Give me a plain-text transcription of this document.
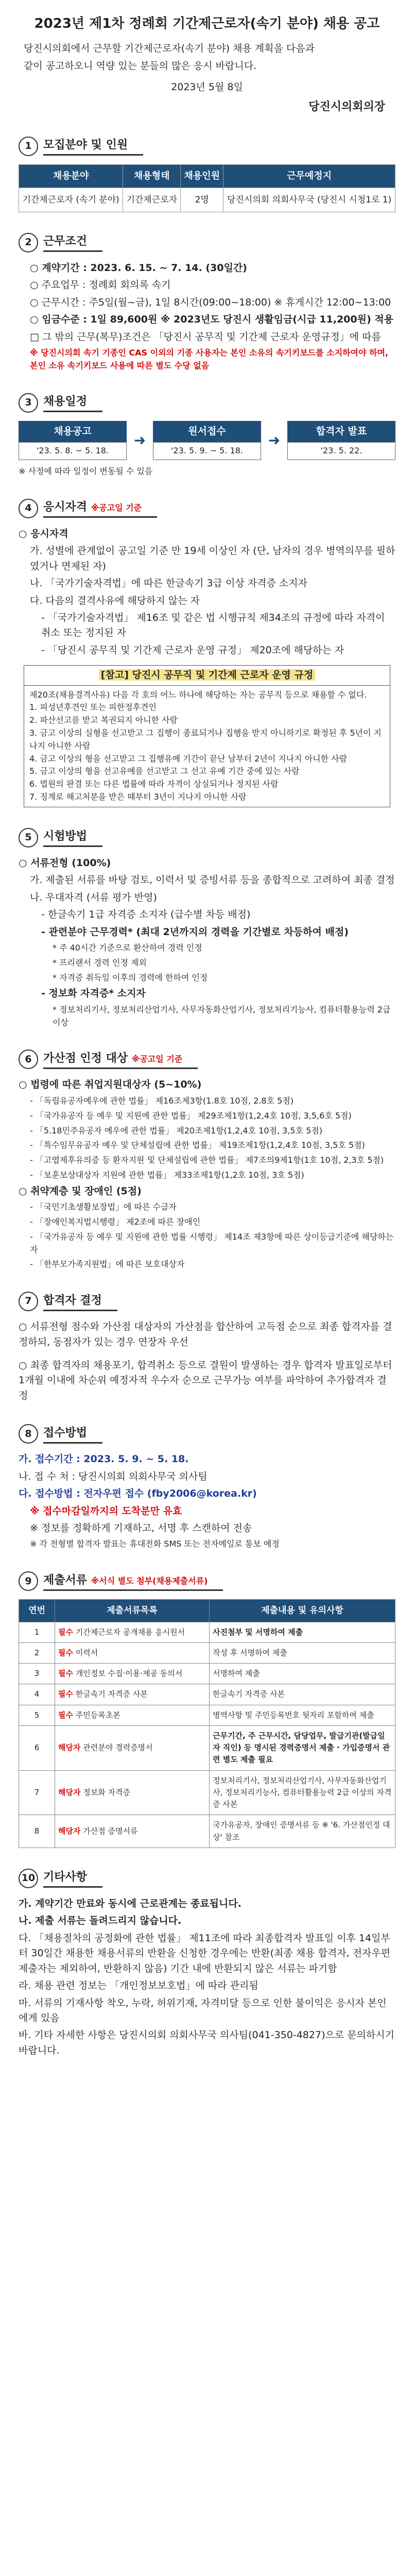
2023년 제1차 정례회 기간제근로자(속기 분야) 채용 공고

당진시의회에서 근무할 기간제근로자(속기 분야) 채용 계획을 다음과

같이 공고하오니 역량 있는 분들의 많은 응시 바랍니다.

2023년 5월 8일
당진시의회의장
1	모집분야 및 인원
채용분야	채용형태	채용인원	근무예정지
기간제근로자 (속기 분야)	기간제근로자	2명	당진시의회 의회사무국 (당진시 시청1로 1)
2	근무조건
○ 계약기간 : 2023. 6. 15. ~ 7. 14. (30일간)
○ 주요업무 : 정례회 회의록 속기
○ 근무시간 : 주5일(월~금), 1일 8시간(09:00~18:00) ※ 휴게시간 12:00~13:00
○ 임금수준 : 1일 89,600원 ※ 2023년도 당진시 생활임금(시급 11,200원) 적용
□ 그 밖의 근무(복무)조건은 「당진시 공무직 및 기간제 근로자 운영규정」에 따름
※ 당진시의회 속기 기종인 CAS 이외의 기종 사용자는 본인 소유의 속기키보드를 소지하여야 하며, 본인 소유 속기키보드 사용에 따른 별도 수당 없음
3	채용일정
채용공고
'23. 5. 8. ~ 5. 18.
➜
원서접수
'23. 5. 9. ~ 5. 18.
➜
합격자 발표
'23. 5. 22.
※ 사정에 따라 일정이 변동될 수 있음
4	응시자격 ※공고일 기준
○ 응시자격
가. 성별에 관계없이 공고일 기준 만 19세 이상인 자 (단, 남자의 경우 병역의무를 필하였거나 면제된 자)
나. 「국가기술자격법」에 따른 한글속기 3급 이상 자격증 소지자
다. 다음의 결격사유에 해당하지 않는 자
- 「국가기술자격법」 제16조 및 같은 법 시행규칙 제34조의 규정에 따라 자격이 취소 또는 정지된 자
- 「당진시 공무직 및 기간제 근로자 운영 규정」 제20조에 해당하는 자
[참고] 당진시 공무직 및 기간제 근로자 운영 규정
제20조(채용결격사유) 다음 각 호의 어느 하나에 해당하는 자는 공무직 등으로 채용할 수 없다.
1. 피성년후견인 또는 피한정후견인
2. 파산선고를 받고 복권되지 아니한 사람
3. 금고 이상의 실형을 선고받고 그 집행이 종료되거나 집행을 받지 아니하기로 확정된 후 5년이 지나지 아니한 사람
4. 금고 이상의 형을 선고받고 그 집행유예 기간이 끝난 날부터 2년이 지나지 아니한 사람
5. 금고 이상의 형을 선고유예를 선고받고 그 선고 유예 기간 중에 있는 사람
6. 법원의 판결 또는 다른 법률에 따라 자격이 상실되거나 정지된 사람
7. 징계로 해고처분을 받은 때부터 3년이 지나지 아니한 사람
5	시험방법
○ 서류전형 (100%)
가. 제출된 서류를 바탕 검토, 이력서 및 증빙서류 등을 종합적으로 고려하여 최종 결정
나. 우대자격 (서류 평가 반영)
- 한글속기 1급 자격증 소지자 (급수별 차등 배점)
- 관련분야 근무경력* (최대 2년까지의 경력을 기간별로 차등하여 배점)
* 주 40시간 기준으로 환산하여 경력 인정
* 프리랜서 경력 인정 제외
* 자격증 취득일 이후의 경력에 한하여 인정
- 정보화 자격증* 소지자
* 정보처리기사, 정보처리산업기사, 사무자동화산업기사, 정보처리기능사, 컴퓨터활용능력 2급 이상
6	가산점 인정 대상 ※공고일 기준
○ 법령에 따른 취업지원대상자 (5~10%)
- 「독립유공자예우에 관한 법률」 제16조제3항(1.8호 10점, 2.8호 5점)
- 「국가유공자 등 예우 및 지원에 관한 법률」 제29조제1항(1,2,4호 10점, 3,5,6호 5점)
- 「5.18민주유공자 예우에 관한 법률」 제20조제1항(1,2,4호 10점, 3,5호 5점)
- 「특수임무유공자 예우 및 단체설립에 관한 법률」 제19조제1항(1,2,4호 10점, 3,5호 5점)
- 「고엽제후유의증 등 환자지원 및 단체설립에 관한 법률」 제7조의9제1항(1호 10점, 2,3호 5점)
- 「보훈보상대상자 지원에 관한 법률」 제33조제1항(1,2호 10점, 3호 5점)
○ 취약계층 및 장애인 (5점)
- 「국민기초생활보장법」에 따른 수급자
- 「장애인복지법시행령」 제2조에 따른 장애인
- 「국가유공자 등 예우 및 지원에 관한 법률 시행령」 제14조 제3항에 따른 상이등급기준에 해당하는 자
- 「한부모가족지원법」에 따른 보호대상자
7	합격자 결정
○ 서류전형 점수와 가산점 대상자의 가산점을 합산하여 고득점 순으로 최종 합격자를 결정하되, 동점자가 있는 경우 연장자 우선
○ 최종 합격자의 채용포기, 합격취소 등으로 결원이 발생하는 경우 합격자 발표일로부터 1개월 이내에 차순위 예정자적 우수자 순으로 근무가능 여부를 파악하여 추가합격자 결정
8	접수방법
가. 접수기간 : 2023. 5. 9. ~ 5. 18.
나. 접 수 처 : 당진시의회 의회사무국 의사팀
다. 접수방법 : 전자우편 접수 (fby2006@korea.kr)
※ 접수마감일까지의 도착분만 유효
※ 정보를 정확하게 기재하고, 서명 후 스캔하여 전송
※ 각 전형별 합격자 발표는 휴대전화 SMS 또는 전자메일로 통보 예정
9	제출서류 ※서식 별도 첨부(채용제출서류)
연번	제출서류목록	제출내용 및 유의사항
1	필수 기간제근로자 공개채용 응시원서	사진첨부 및 서명하여 제출
2	필수 이력서	작성 후 서명하여 제출
3	필수 개인정보 수집·이용·제공 동의서	서명하여 제출
4	필수 한글속기 자격증 사본	한글속기 자격증 사본
5	필수 주민등록초본	병역사항 및 주민등록번호 뒷자리 포함하여 제출
6	해당자 관련분야 경력증명서	근무기간, 주 근무시간, 담당업무, 발급기관(발급일자 직인) 등 명시된 경력증명서 제출 · 가입증명서 관련 별도 제출 필요
7	해당자 정보화 자격증	정보처리기사, 정보처리산업기사, 사무자동화산업기사, 정보처리기능사, 컴퓨터활용능력 2급 이상의 자격증 사본
8	해당자 가산점 증명서류	국가유공자, 장애인 증명서류 등 ※ '6. 가산점인정 대상' 참조
10 기타사항
가. 계약기간 만료와 동시에 근로관계는 종료됩니다.
나. 제출 서류는 돌려드리지 않습니다.
다. 「채용절차의 공정화에 관한 법률」 제11조에 따라 최종합격자 발표일 이후 14일부터 30일간 채용한 채용서류의 반환을 신청한 경우에는 반환(최종 채용 합격자, 전자우편 제출자는 제외하여, 반환하지 않음) 기간 내에 반환되지 않은 서류는 파기함
라. 채용 관련 정보는 「개인정보보호법」에 따라 관리됨
마. 서류의 기재사항 착오, 누락, 허위기재, 자격미달 등으로 인한 불이익은 응시자 본인에게 있음
바. 기타 자세한 사항은 당진시의회 의회사무국 의사팀(041-350-4827)으로 문의하시기 바랍니다.
